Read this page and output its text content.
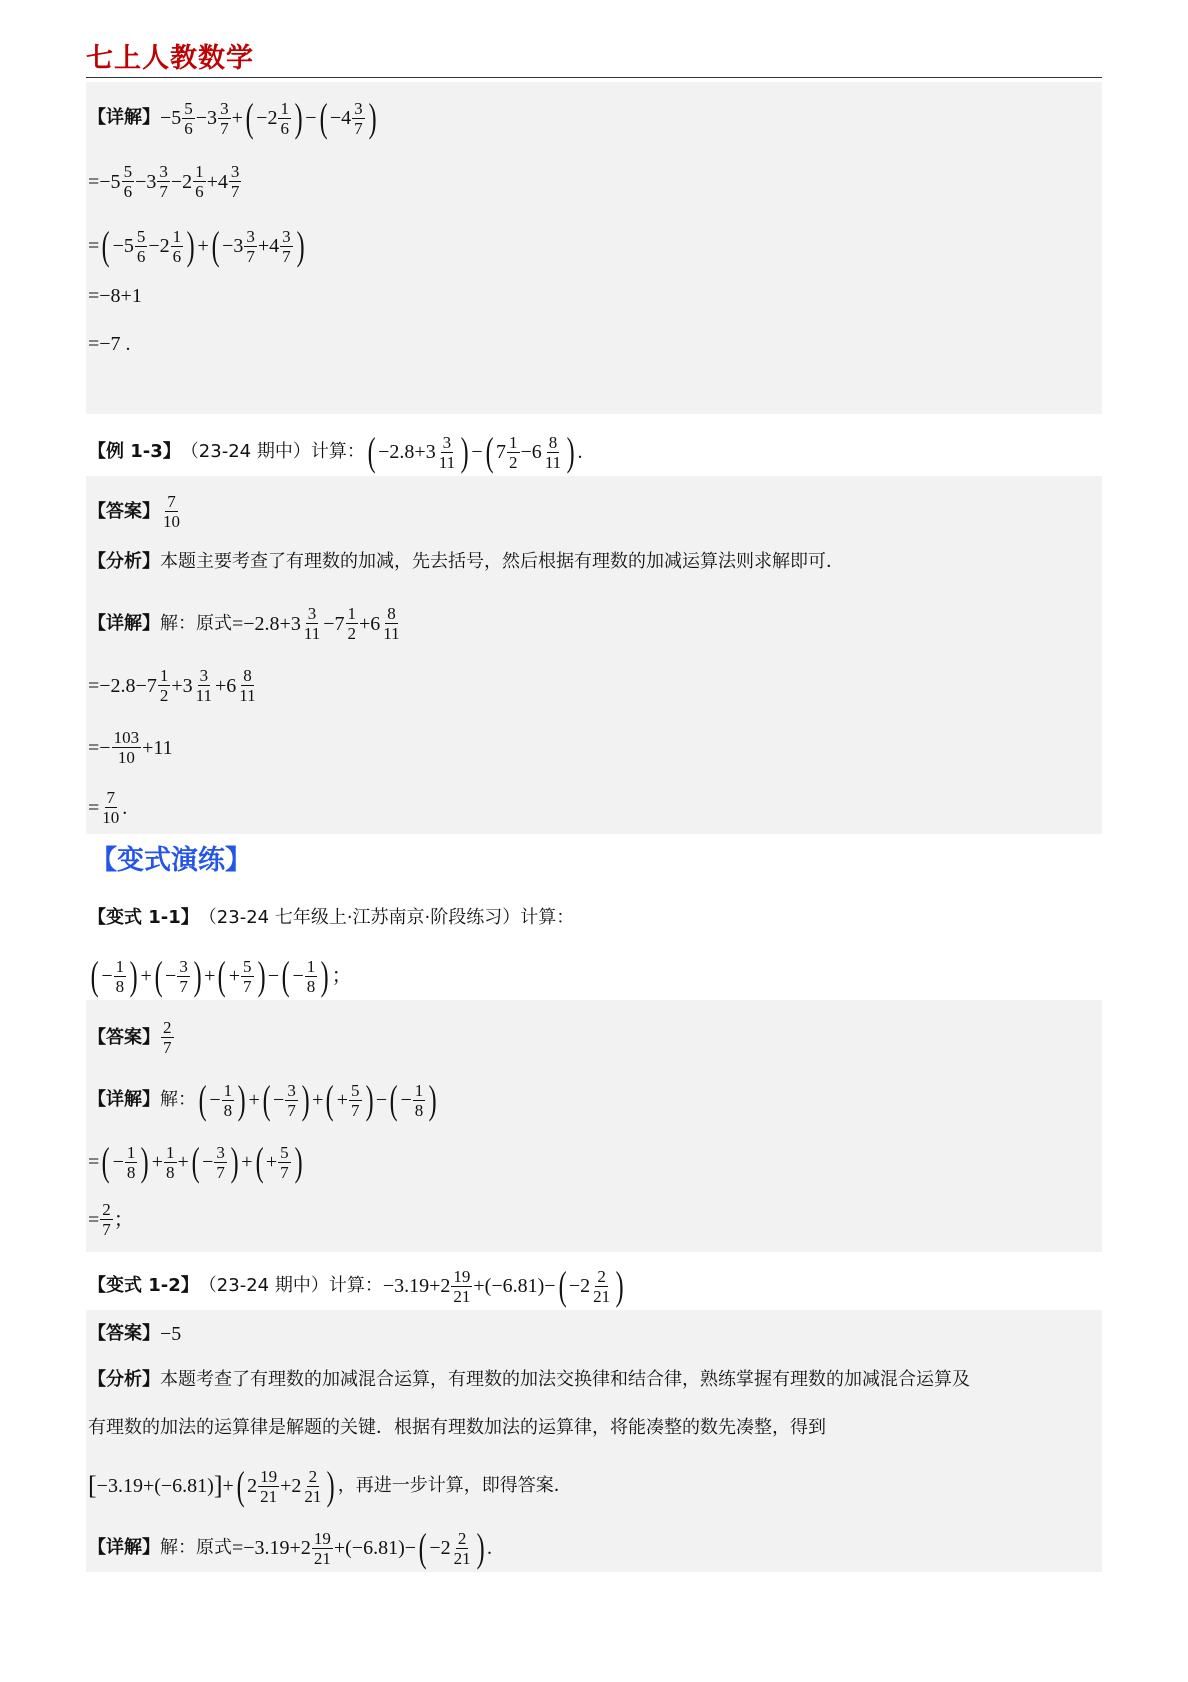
七上人教数学
【详解】 $-5 \frac{5}{6} -3 \frac{3}{7}$ + ( $-2 \frac{1}{6}$ ) − ( $-4 \frac{3}{7}$ )
$=-5 \frac{5}{6} -3 \frac{3}{7} -2 \frac{1}{6} +4 \frac{3}{7}$
= ( $-5 \frac{5}{6} -2 \frac{1}{6}$ ) + ( $-3 \frac{3}{7} +4 \frac{3}{7}$ )
=−8+1
=−7 .
【例 1-3】 （23-24 期中） 计算： ( $-2.8+3 \frac{3}{11}$ ) − ( $7 \frac{1}{2} -6 \frac{8}{11}$ ) .
【答案】 $\frac{7}{10}$
【分析】 本题主要考查了有理数的加减，先去括号，然后根据有理数的加减运算法则求解即可．
【详解】 解：原式 $=-2.8+3 \frac{3}{11} -7 \frac{1}{2} +6 \frac{8}{11}$
$=-2.8-7 \frac{1}{2} +3 \frac{3}{11} +6 \frac{8}{11}$
=− $\frac{103}{10} +11$
= $\frac{7}{10}$ .
【变式演练】
【变式 1-1】 （23-24 七年级上·江苏南京·阶段练习） 计算：
( − $\frac{1}{8}$ ) + ( − $\frac{3}{7}$ ) + ( + $\frac{5}{7}$ ) − ( − $\frac{1}{8}$ ) ；
【答案】 $\frac{2}{7}$
【详解】 解： ( − $\frac{1}{8}$ ) + ( − $\frac{3}{7}$ ) + ( + $\frac{5}{7}$ ) − ( − $\frac{1}{8}$ )
= ( − $\frac{1}{8}$ ) + $\frac{1}{8}$ + ( − $\frac{3}{7}$ ) + ( + $\frac{5}{7}$ )
= $\frac{2}{7}$ ；
【变式 1-2】 （23-24 期中） 计算： $-3.19+2 \frac{19}{21} +(-6.81)-$ ( $-2 \frac{2}{21}$ )
【答案】 −5
【分析】 本题考查了有理数的加减混合运算，有理数的加法交换律和结合律，熟练掌握有理数的加减混合运算及
有理数的加法的运算律是解题的关键．根据有理数加法的运算律，将能凑整的数先凑整，得到
[ −3.19+(−6.81) ] + ( $2 \frac{19}{21} +2 \frac{2}{21}$ ) ，再进一步计算，即得答案．
【详解】 解：原式 $=-3.19+2 \frac{19}{21} +(-6.81)-$ ( $-2 \frac{2}{21}$ ) .
